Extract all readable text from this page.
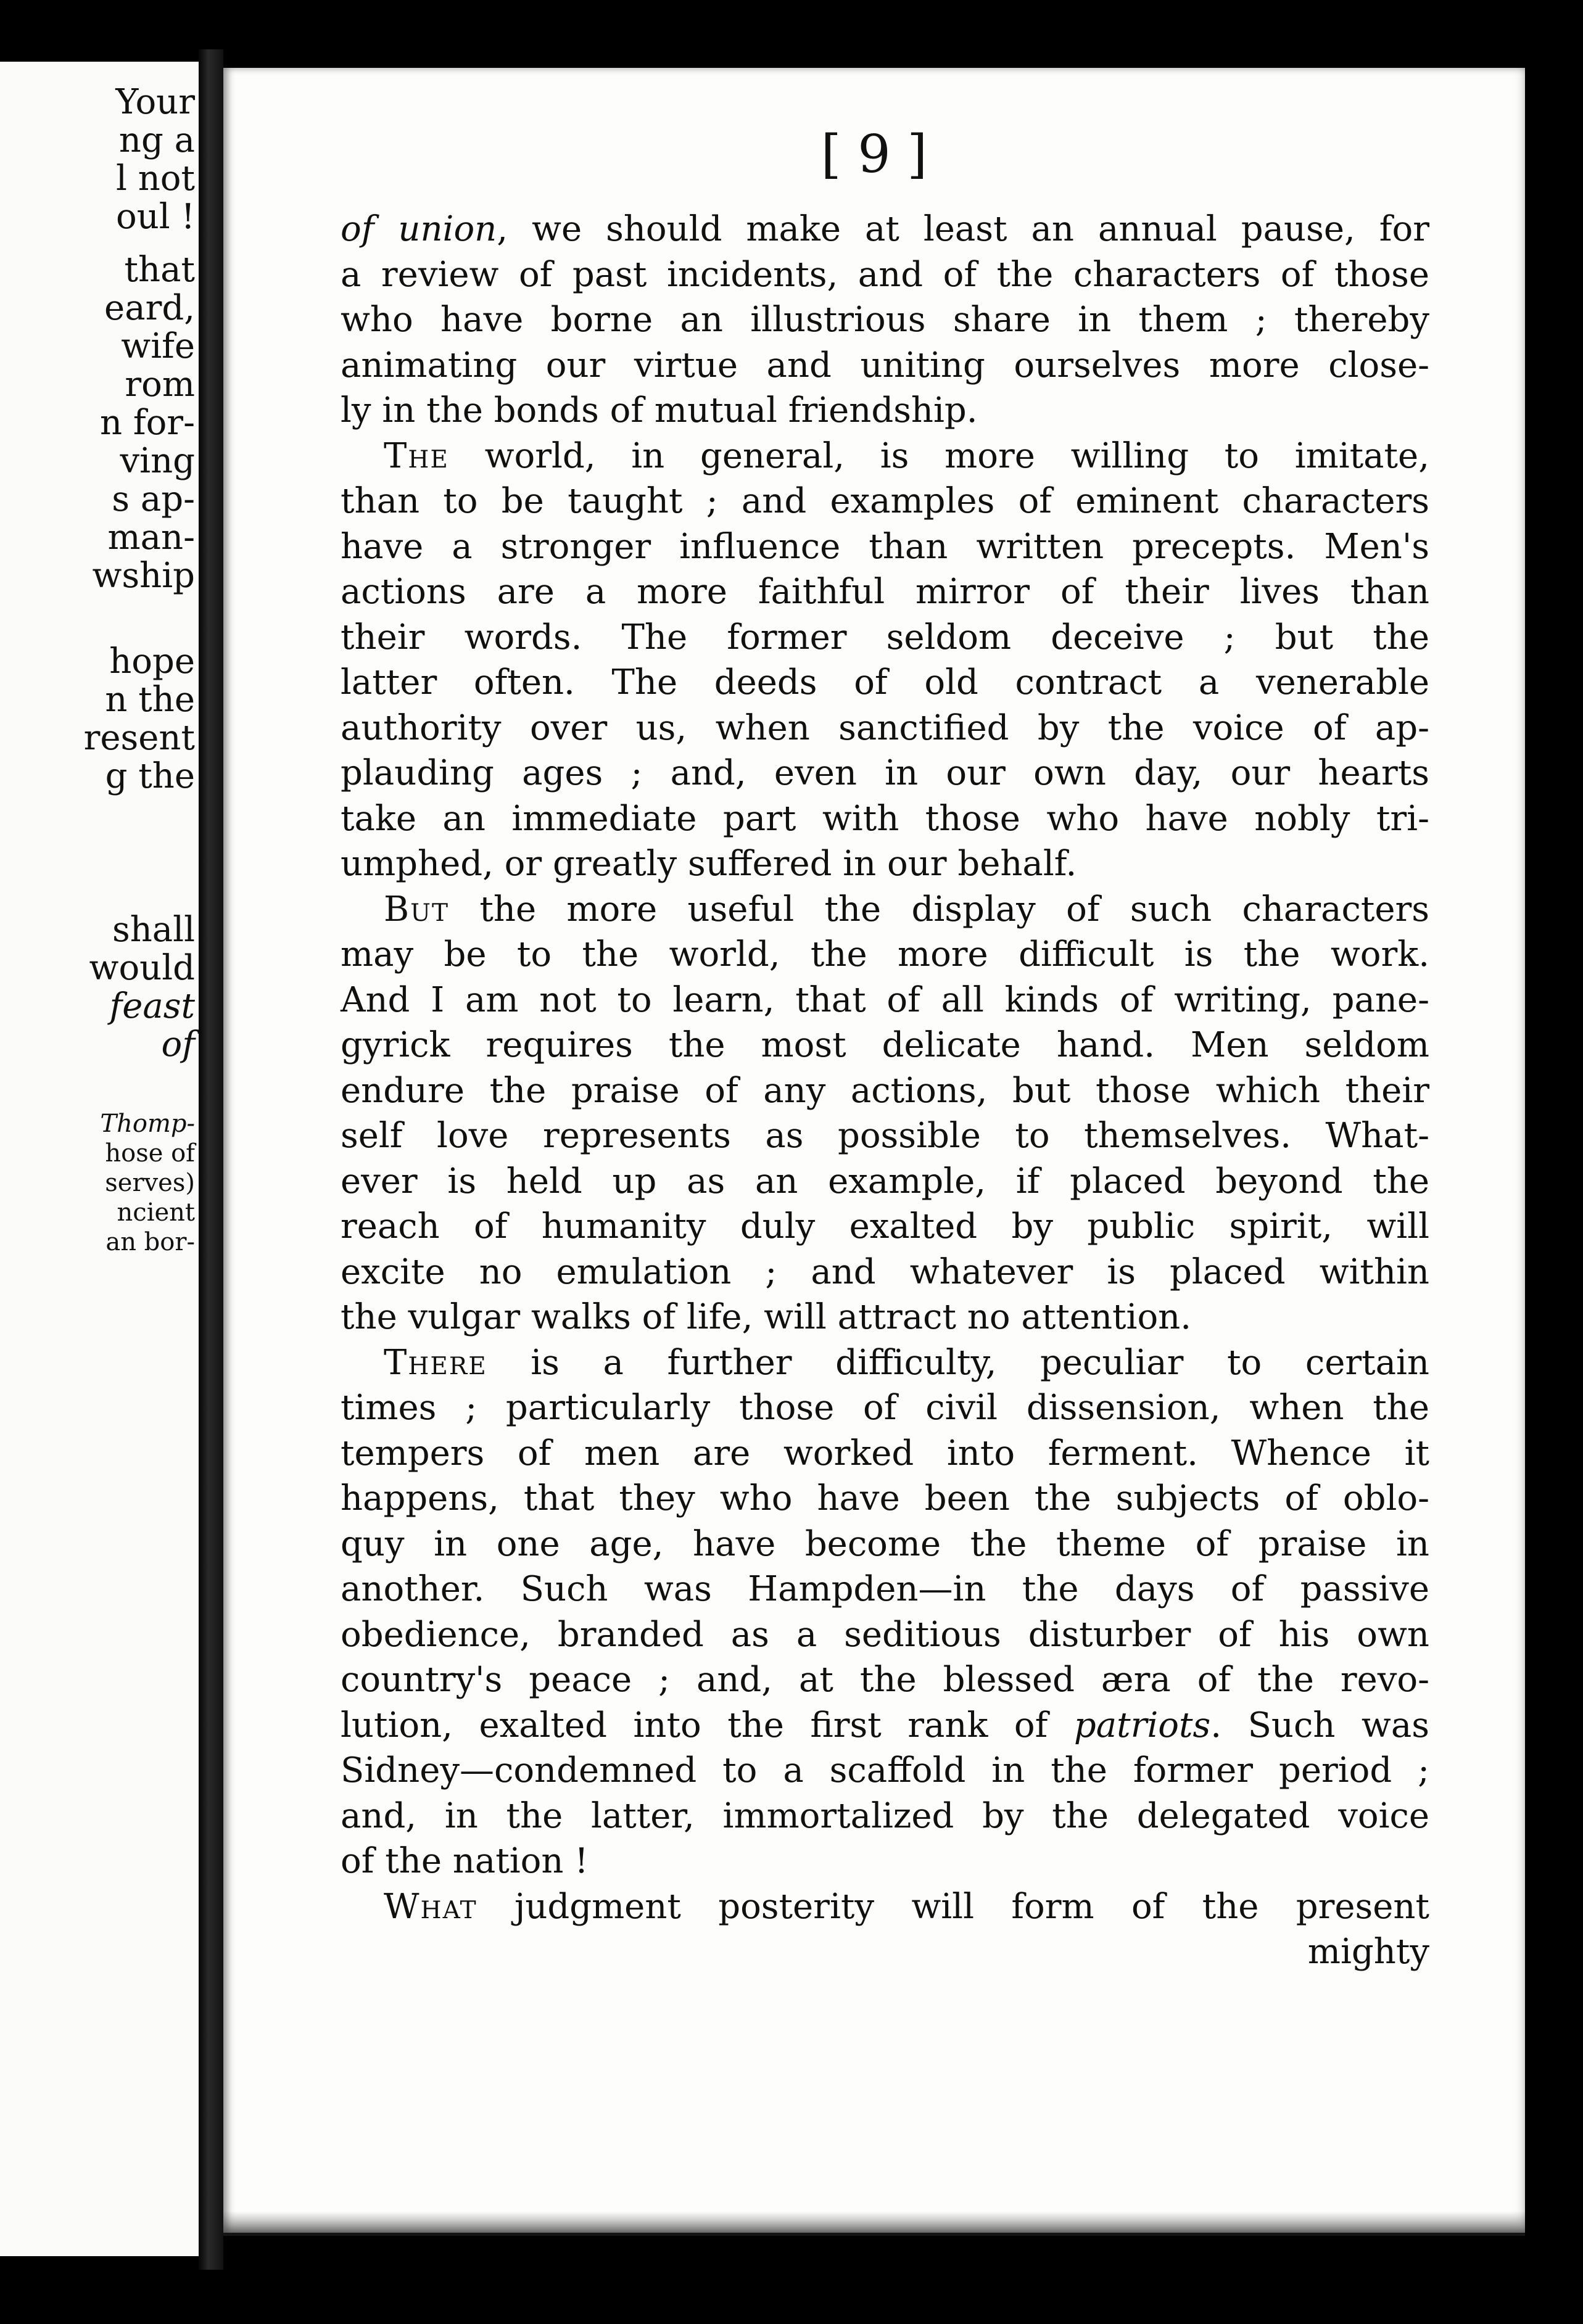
Your
ng a
l not
oul !
that
eard,
wife
rom
n for-
ving
s ap-
man-
wship
hope
n the
resent
g the
shall
would
feast
of
Thomp-
hose of
serves)
ncient
an bor-
[ 9 ]
of union, we should make at least an annual pause, for
a review of past incidents, and of the characters of those
who have borne an illustrious share in them ; thereby
animating our virtue and uniting ourselves more close-
ly in the bonds of mutual friendship.
The world, in general, is more willing to imitate,
than to be taught ; and examples of eminent characters
have a stronger influence than written precepts. Men's
actions are a more faithful mirror of their lives than
their words. The former seldom deceive ; but the
latter often. The deeds of old contract a venerable
authority over us, when sanctified by the voice of ap-
plauding ages ; and, even in our own day, our hearts
take an immediate part with those who have nobly tri-
umphed, or greatly suffered in our behalf.
But the more useful the display of such characters
may be to the world, the more difficult is the work.
And I am not to learn, that of all kinds of writing, pane-
gyrick requires the most delicate hand. Men seldom
endure the praise of any actions, but those which their
self love represents as possible to themselves. What-
ever is held up as an example, if placed beyond the
reach of humanity duly exalted by public spirit, will
excite no emulation ; and whatever is placed within
the vulgar walks of life, will attract no attention.
There is a further difficulty, peculiar to certain
times ; particularly those of civil dissension, when the
tempers of men are worked into ferment. Whence it
happens, that they who have been the subjects of oblo-
quy in one age, have become the theme of praise in
another. Such was Hampden—in the days of passive
obedience, branded as a seditious disturber of his own
country's peace ; and, at the blessed æra of the revo-
lution, exalted into the first rank of patriots. Such was
Sidney—condemned to a scaffold in the former period ;
and, in the latter, immortalized by the delegated voice
of the nation !
What judgment posterity will form of the present
mighty
